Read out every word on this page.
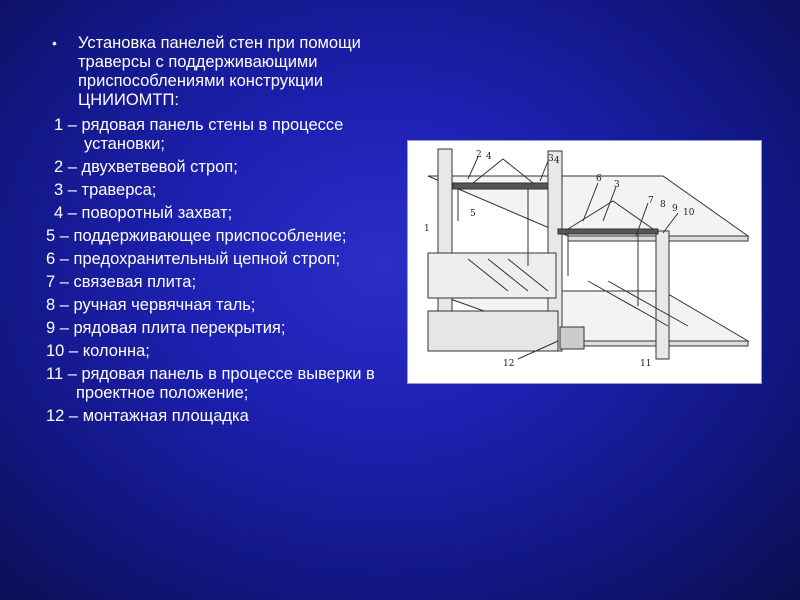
• Установка панелей стен при помощи траверсы с поддерживающими приспособлениями конструкции ЦНИИОМТП:
1 – рядовая панель стены в процессе установки;
2 – двухветвевой строп;
3 – траверса;
4 – поворотный захват;
5 – поддерживающее приспособление;
6 – предохранительный цепной строп;
7 – связевая плита;
8 – ручная червячная таль;
9 – рядовая плита перекрытия;
10 – колонна;
11 – рядовая панель в процессе выверки в проектное положение;
12 – монтажная площадка
2 4	3 4
6
3
5
1
7 8 9 10
12	11
